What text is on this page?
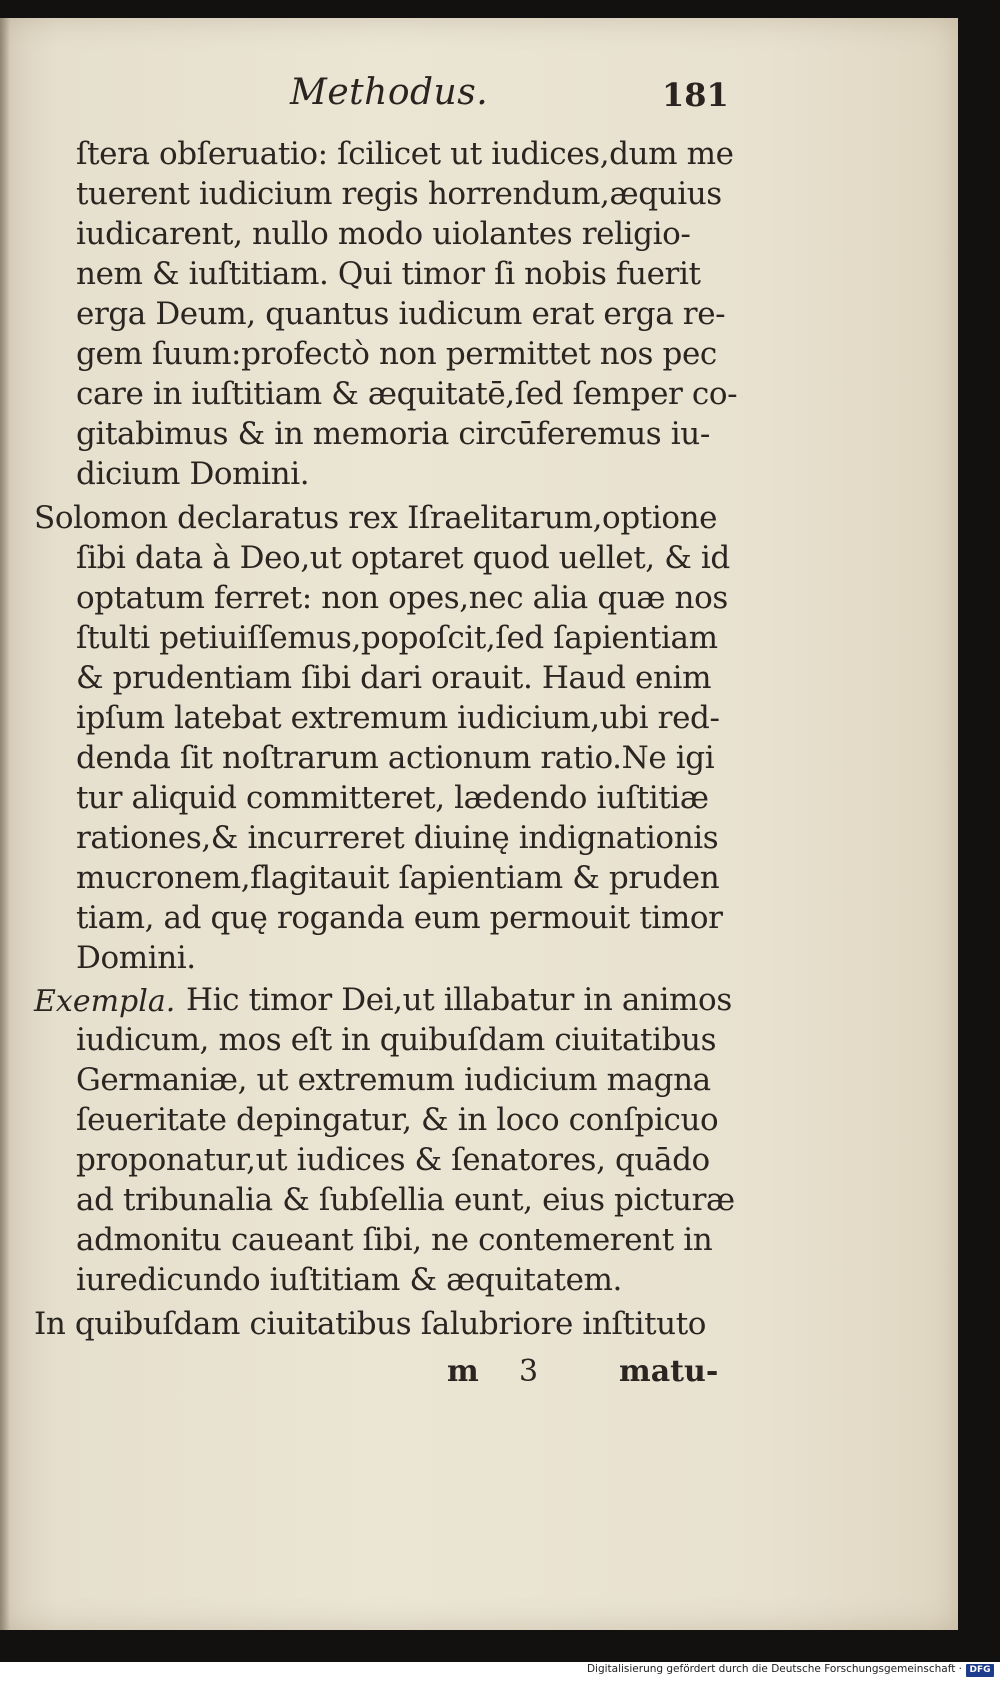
Methodus.	181
ſtera obſeruatio: ſcilicet ut iudices,dum me
tuerent iudicium regis horrendum,æquius
iudicarent, nullo modo uiolantes religio-
nem & iuſtitiam. Qui timor ſi nobis fuerit
erga Deum, quantus iudicum erat erga re-
gem ſuum:profectò non permittet nos pec
care in iuſtitiam & æquitatē,ſed ſemper co-
gitabimus & in memoria circūferemus iu-
dicium Domini.
Solomon declaratus rex Iſraelitarum,optione
ſibi data à Deo,ut optaret quod uellet, & id
optatum ferret: non opes,nec alia quæ nos
ſtulti petiuiſſemus,popoſcit,ſed ſapientiam
& prudentiam ſibi dari orauit. Haud enim
ipſum latebat extremum iudicium,ubi red-
denda ſit noſtrarum actionum ratio.Ne igi
tur aliquid committeret, lædendo iuſtitiæ
rationes,& incurreret diuinę indignationis
mucronem,flagitauit ſapientiam & pruden
tiam, ad quę roganda eum permouit timor
Domini.
Exempla. Hic timor Dei,ut illabatur in animos
iudicum, mos eſt in quibuſdam ciuitatibus
Germaniæ, ut extremum iudicium magna
ſeueritate depingatur, & in loco conſpicuo
proponatur,ut iudices & ſenatores, quādo
ad tribunalia & ſubſellia eunt, eius picturæ
admonitu caueant ſibi, ne contemerent in
iuredicundo iuſtitiam & æquitatem.
In quibuſdam ciuitatibus ſalubriore inſtituto
m 3	matu-
Digitalisierung gefördert durch die Deutsche Forschungsgemeinschaft · DFG
